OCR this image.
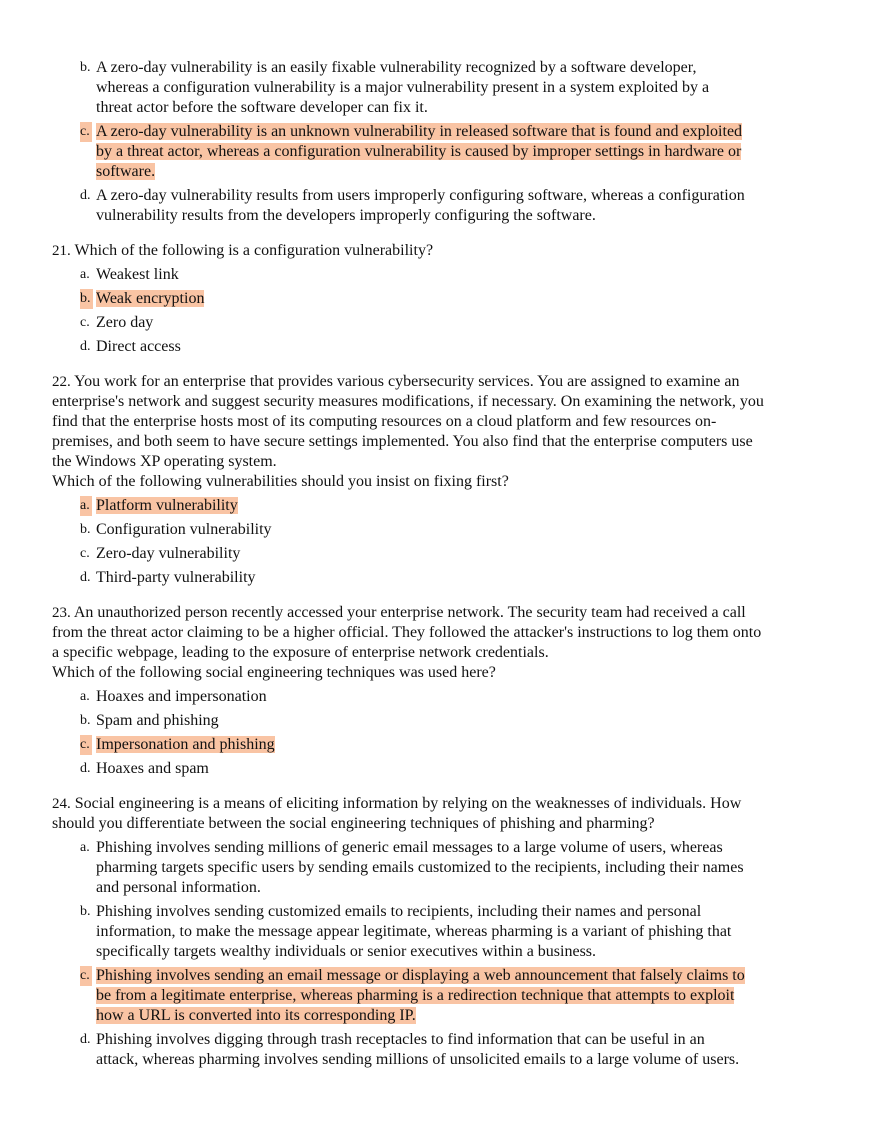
b. A zero-day vulnerability is an easily fixable vulnerability recognized by a software developer,
whereas a configuration vulnerability is a major vulnerability present in a system exploited by a
threat actor before the software developer can fix it.
c. A zero-day vulnerability is an unknown vulnerability in released software that is found and exploited
by a threat actor, whereas a configuration vulnerability is caused by improper settings in hardware or
software.
d. A zero-day vulnerability results from users improperly configuring software, whereas a configuration
vulnerability results from the developers improperly configuring the software.
21. Which of the following is a configuration vulnerability?
a. Weakest link
b. Weak encryption
c. Zero day
d. Direct access
22. You work for an enterprise that provides various cybersecurity services. You are assigned to examine an
enterprise's network and suggest security measures modifications, if necessary. On examining the network, you
find that the enterprise hosts most of its computing resources on a cloud platform and few resources on-
premises, and both seem to have secure settings implemented. You also find that the enterprise computers use
the Windows XP operating system.
Which of the following vulnerabilities should you insist on fixing first?
a. Platform vulnerability
b. Configuration vulnerability
c. Zero-day vulnerability
d. Third-party vulnerability
23. An unauthorized person recently accessed your enterprise network. The security team had received a call
from the threat actor claiming to be a higher official. They followed the attacker's instructions to log them onto
a specific webpage, leading to the exposure of enterprise network credentials.
Which of the following social engineering techniques was used here?
a. Hoaxes and impersonation
b. Spam and phishing
c. Impersonation and phishing
d. Hoaxes and spam
24. Social engineering is a means of eliciting information by relying on the weaknesses of individuals. How
should you differentiate between the social engineering techniques of phishing and pharming?
a. Phishing involves sending millions of generic email messages to a large volume of users, whereas
pharming targets specific users by sending emails customized to the recipients, including their names
and personal information.
b. Phishing involves sending customized emails to recipients, including their names and personal
information, to make the message appear legitimate, whereas pharming is a variant of phishing that
specifically targets wealthy individuals or senior executives within a business.
c. Phishing involves sending an email message or displaying a web announcement that falsely claims to
be from a legitimate enterprise, whereas pharming is a redirection technique that attempts to exploit
how a URL is converted into its corresponding IP.
d. Phishing involves digging through trash receptacles to find information that can be useful in an
attack, whereas pharming involves sending millions of unsolicited emails to a large volume of users.
